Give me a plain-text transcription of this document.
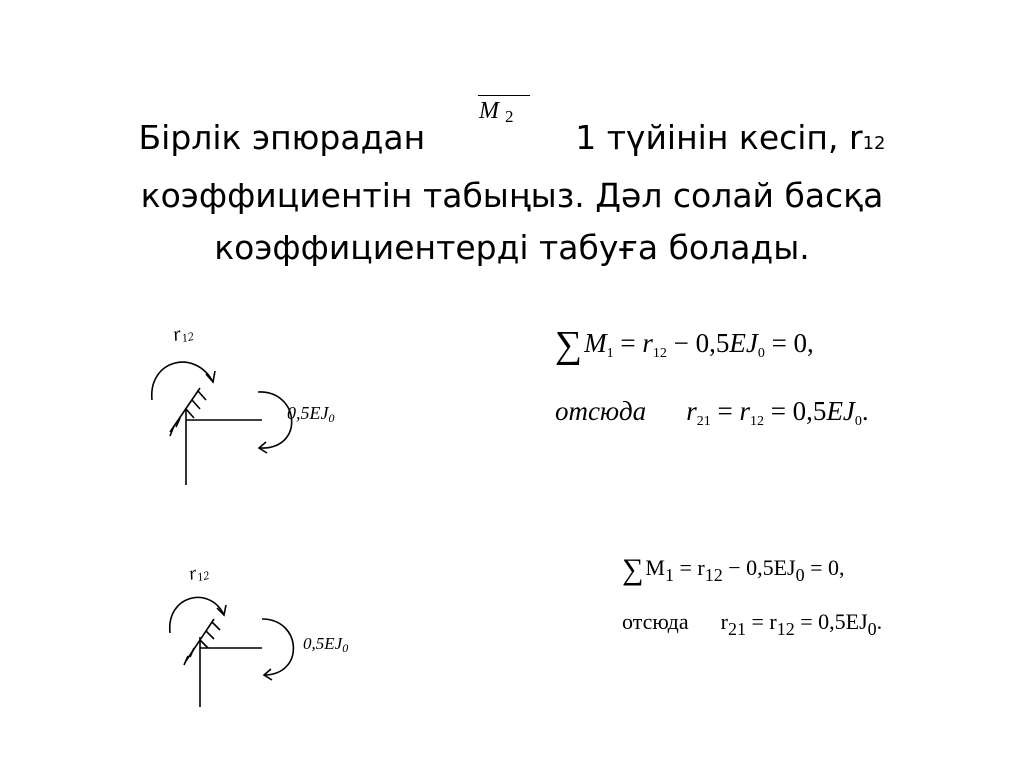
Бірлік эпюрадан	1 түйінін кесіп, r12
коэффициентін табыңыз. Дәл солай басқа
коэффициентерді табуға болады.
M 2
r12
0,5EJ0
r12
0,5EJ0
∑M1 = r12 − 0,5EJ0 = 0,
отсюда r21 = r12 = 0,5EJ0.
$\sum M_1 = r_{12} - 0,5EJ_0 = 0$,
отсюда $r_{21} = r_{12} = 0,5EJ_0$.
